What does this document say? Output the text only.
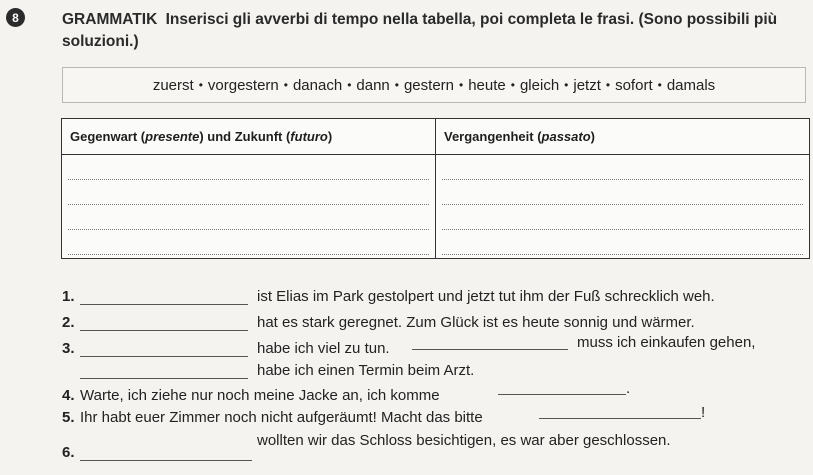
8	GRAMMATIK Inserisci gli avverbi di tempo nella tabella, poi completa le frasi. (Sono possibili più soluzioni.)
zuerst • vorgestern • danach • dann • gestern • heute • gleich • jetzt • sofort • damals
Gegenwart (presente) und Zukunft (futuro)	Vergangenheit (passato)

1.	ist Elias im Park gestolpert und jetzt tut ihm der Fuß schrecklich weh.
2.	hat es stark geregnet. Zum Glück ist es heute sonnig und wärmer.
3.	habe ich viel zu tun.	muss ich einkaufen gehen,
habe ich einen Termin beim Arzt.
4. Warte, ich ziehe nur noch meine Jacke an, ich komme	.
5. Ihr habt euer Zimmer noch nicht aufgeräumt! Macht das bitte	!
6.
wollten wir das Schloss besichtigen, es war aber geschlossen.
